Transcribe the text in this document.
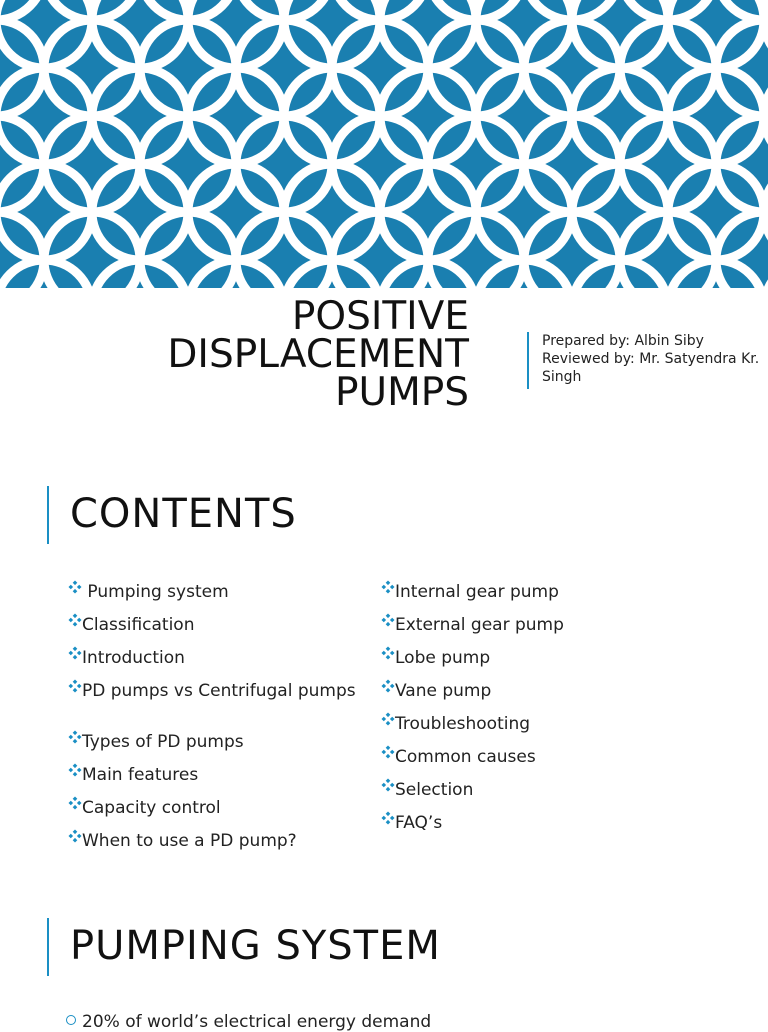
POSITIVE
DISPLACEMENT
PUMPS
Prepared by: Albin Siby
Reviewed by: Mr. Satyendra Kr. Singh
CONTENTS
Pumping system
Classification
Introduction
PD pumps vs Centrifugal pumps
Types of PD pumps
Main features
Capacity control
When to use a PD pump?
Internal gear pump
External gear pump
Lobe pump
Vane pump
Troubleshooting
Common causes
Selection
FAQ’s
PUMPING SYSTEM
20% of world’s electrical energy demand
